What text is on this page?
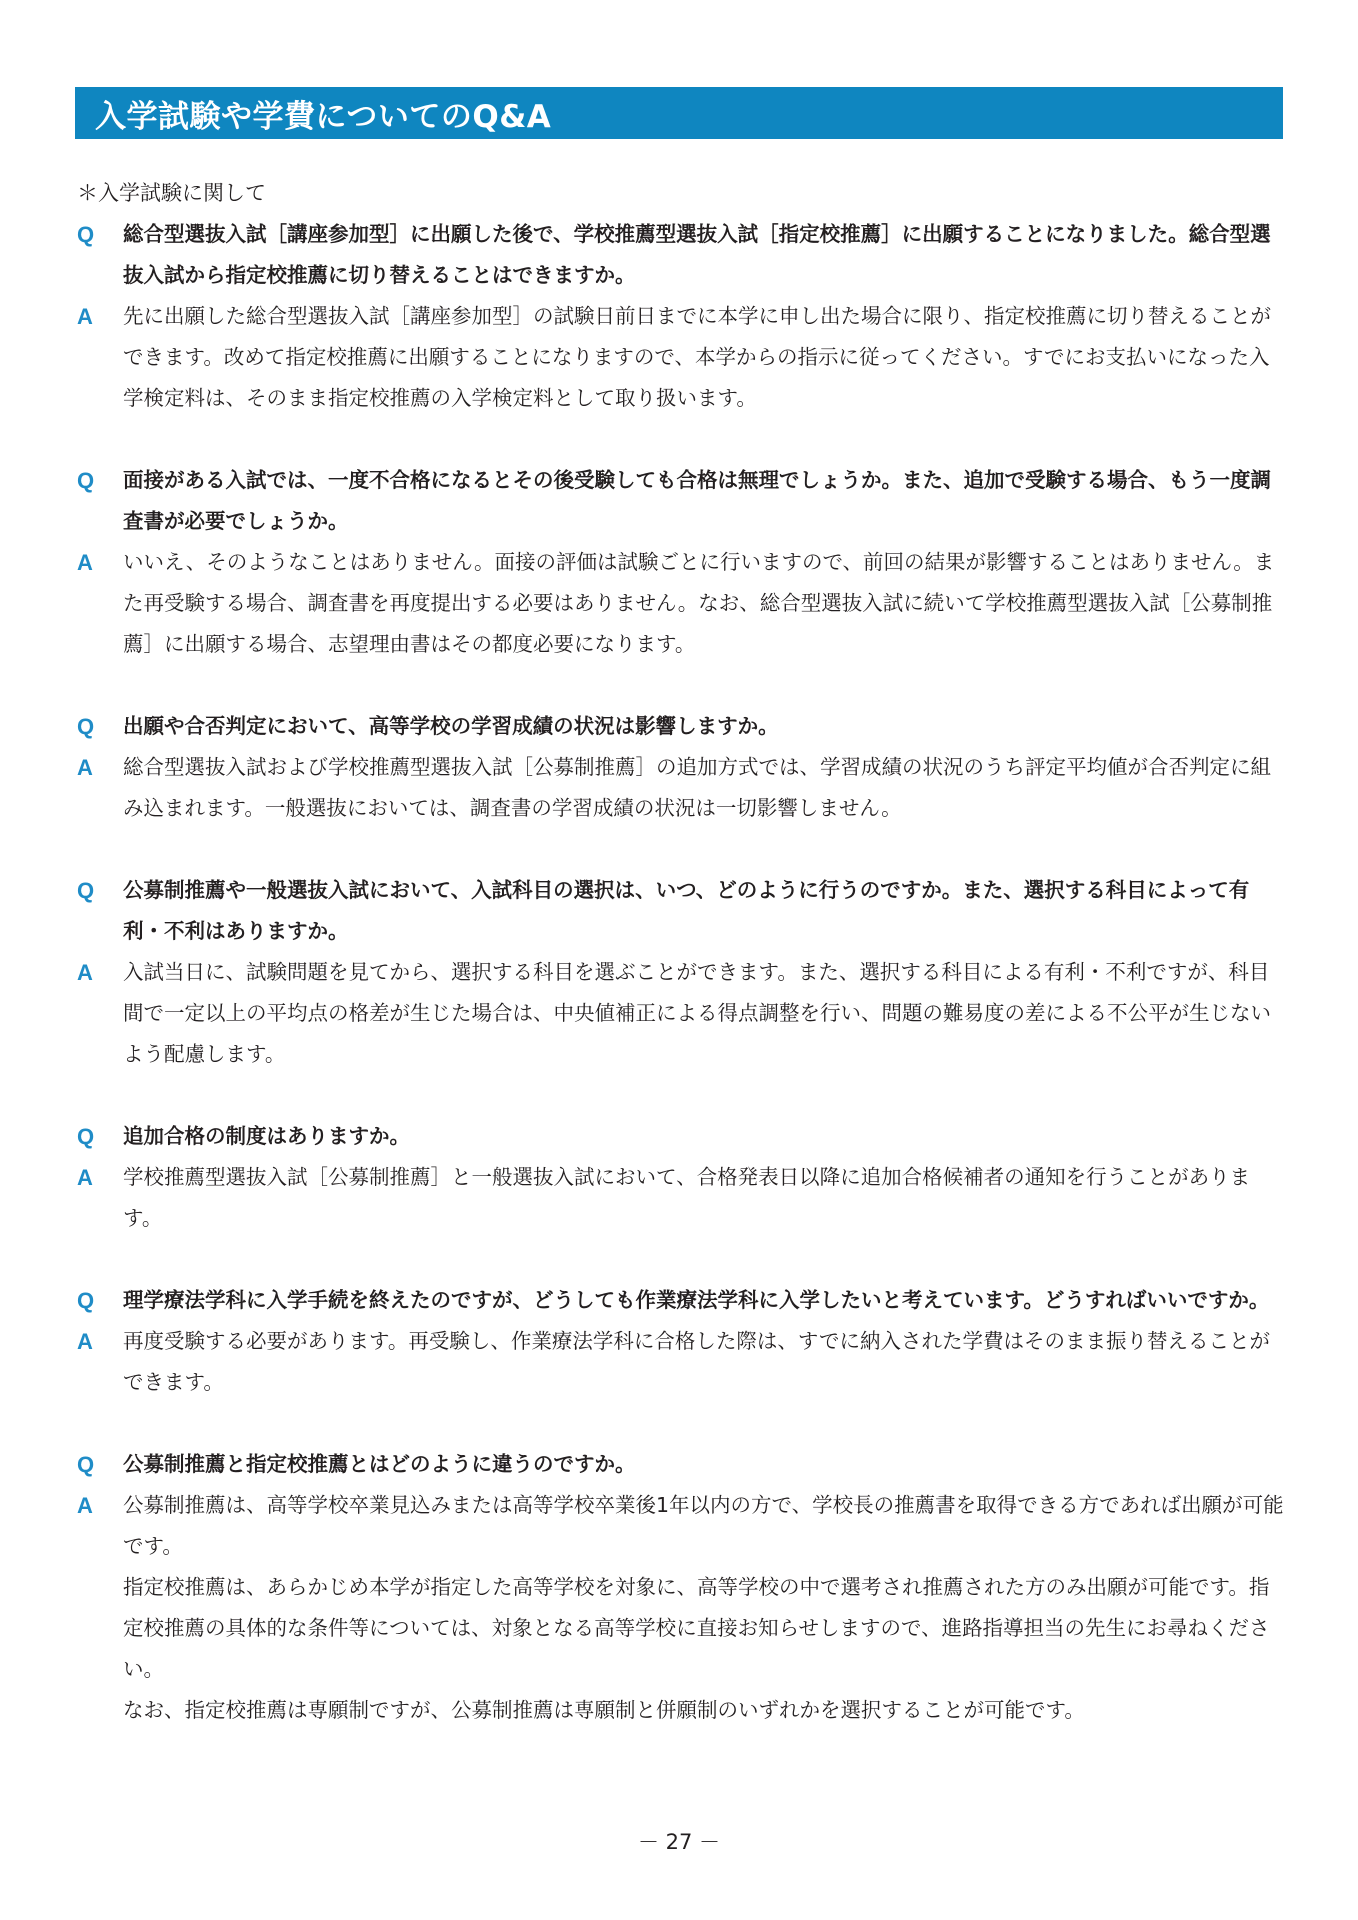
入学試験や学費についてのQ&A
＊入学試験に関して
Q	総合型選抜入試［講座参加型］に出願した後で、学校推薦型選抜入試［指定校推薦］に出願することになりました。総合型選抜入試から指定校推薦に切り替えることはできますか。

A	先に出願した総合型選抜入試［講座参加型］の試験日前日までに本学に申し出た場合に限り、指定校推薦に切り替えることができます。改めて指定校推薦に出願することになりますので、本学からの指示に従ってください。すでにお支払いになった入学検定料は、そのまま指定校推薦の入学検定料として取り扱います。

Q	面接がある入試では、一度不合格になるとその後受験しても合格は無理でしょうか。また、追加で受験する場合、もう一度調査書が必要でしょうか。

A	いいえ、そのようなことはありません。面接の評価は試験ごとに行いますので、前回の結果が影響することはありません。また再受験する場合、調査書を再度提出する必要はありません。なお、総合型選抜入試に続いて学校推薦型選抜入試［公募制推薦］に出願する場合、志望理由書はその都度必要になります。

Q	出願や合否判定において、高等学校の学習成績の状況は影響しますか。

A	総合型選抜入試および学校推薦型選抜入試［公募制推薦］の追加方式では、学習成績の状況のうち評定平均値が合否判定に組み込まれます。一般選抜においては、調査書の学習成績の状況は一切影響しません。

Q	公募制推薦や一般選抜入試において、入試科目の選択は、いつ、どのように行うのですか。また、選択する科目によって有利・不利はありますか。

A	入試当日に、試験問題を見てから、選択する科目を選ぶことができます。また、選択する科目による有利・不利ですが、科目間で一定以上の平均点の格差が生じた場合は、中央値補正による得点調整を行い、問題の難易度の差による不公平が生じないよう配慮します。

Q	追加合格の制度はありますか。

A	学校推薦型選抜入試［公募制推薦］と一般選抜入試において、合格発表日以降に追加合格候補者の通知を行うことがあります。

Q	理学療法学科に入学手続を終えたのですが、どうしても作業療法学科に入学したいと考えています。どうすればいいですか。

A	再度受験する必要があります。再受験し、作業療法学科に合格した際は、すでに納入された学費はそのまま振り替えることができます。

Q	公募制推薦と指定校推薦とはどのように違うのですか。

A	公募制推薦は、高等学校卒業見込みまたは高等学校卒業後1年以内の方で、学校長の推薦書を取得できる方であれば出願が可能です。

指定校推薦は、あらかじめ本学が指定した高等学校を対象に、高等学校の中で選考され推薦された方のみ出願が可能です。指定校推薦の具体的な条件等については、対象となる高等学校に直接お知らせしますので、進路指導担当の先生にお尋ねください。

なお、指定校推薦は専願制ですが、公募制推薦は専願制と併願制のいずれかを選択することが可能です。

－ 27 －
